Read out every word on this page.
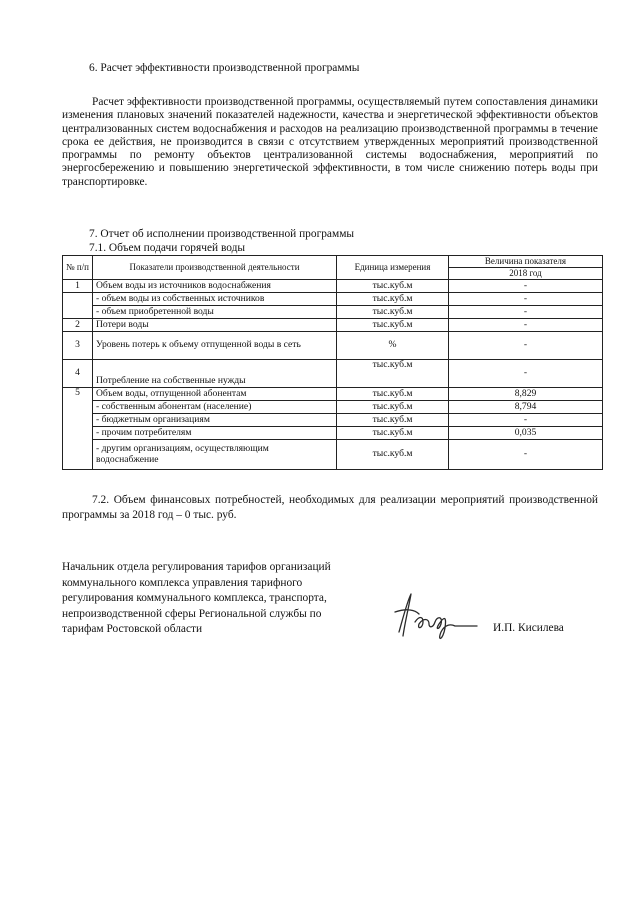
6. Расчет эффективности производственной программы
Расчет эффективности производственной программы, осуществляемый путем сопоставления динамики изменения плановых значений показателей надежности, качества и энергетической эффективности объектов централизованных систем водоснабжения и расходов на реализацию производственной программы в течение срока ее действия, не производится в связи с отсутствием утвержденных мероприятий производственной программы по ремонту объектов централизованной системы водоснабжения, мероприятий по энергосбережению и повышению энергетической эффективности, в том числе снижению потерь воды при транспортировке.
7. Отчет об исполнении производственной программы
7.1. Объем подачи горячей воды
№ п/п	Показатели производственной деятельности	Единица измерения	Величина показателя
			2018 год
1	Объем воды из источников водоснабжения	тыс.куб.м	-
	- объем воды из собственных источников	тыс.куб.м	-
	- объем приобретенной воды	тыс.куб.м	-
2	Потери воды	тыс.куб.м	-
3	Уровень потерь к объему отпущенной воды в сеть	%	-
4	Потребление на собственные нужды	тыс.куб.м	-
5	Объем воды, отпущенной абонентам	тыс.куб.м	8,829
	- собственным абонентам (население)	тыс.куб.м	8,794
	- бюджетным организациям	тыс.куб.м	-
	- прочим потребителям	тыс.куб.м	0,035
	- другим организациям, осуществляющим водоснабжение	тыс.куб.м	-
7.2. Объем финансовых потребностей, необходимых для реализации мероприятий производственной программы за 2018 год – 0 тыс. руб.
Начальник отдела регулирования тарифов организаций
коммунального комплекса управления тарифного
регулирования коммунального комплекса, транспорта,
непроизводственной сферы Региональной службы по
тарифам Ростовской области	И.П. Кисилева
